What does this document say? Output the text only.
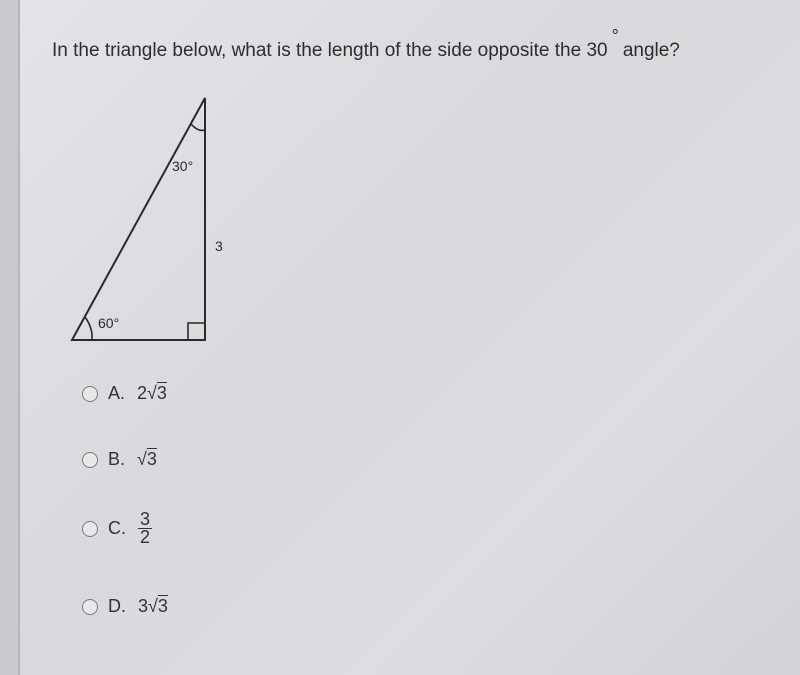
In the triangle below, what is the length of the side opposite the 30°angle?
30°
60°
3
A. 2√3
B. √3
C. $\frac{3}{2}$
D. 3√3
